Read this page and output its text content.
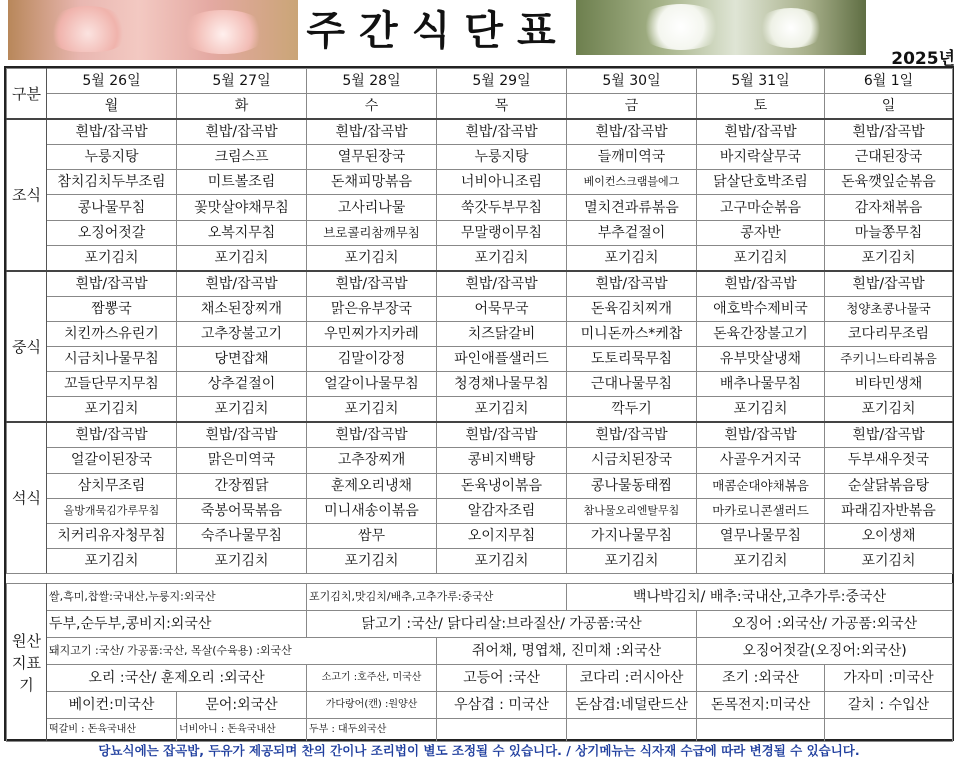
주간식단표
2025년
구분	5월 26일	5월 27일	5월 28일	5월 29일	5월 30일	5월 31일	6월 1일
	월	화	수	목	금	토	일
조식	흰밥/잡곡밥	흰밥/잡곡밥	흰밥/잡곡밥	흰밥/잡곡밥	흰밥/잡곡밥	흰밥/잡곡밥	흰밥/잡곡밥
	누룽지탕	크림스프	열무된장국	누룽지탕	들깨미역국	바지락살무국	근대된장국
	참치김치두부조림	미트볼조림	돈채피망볶음	너비아니조림	베이컨스크램블에그	닭살단호박조림	돈육깻잎순볶음
	콩나물무침	꽃맛살야채무침	고사리나물	쑥갓두부무침	멸치견과류볶음	고구마순볶음	감자채볶음
	오징어젓갈	오복지무침	브로콜리참깨무침	무말랭이무침	부추겉절이	콩자반	마늘쫑무침
	포기김치	포기김치	포기김치	포기김치	포기김치	포기김치	포기김치
중식	흰밥/잡곡밥	흰밥/잡곡밥	흰밥/잡곡밥	흰밥/잡곡밥	흰밥/잡곡밥	흰밥/잡곡밥	흰밥/잡곡밥
	짬뽕국	채소된장찌개	맑은유부장국	어묵무국	돈육김치찌개	애호박수제비국	청양초콩나물국
	치킨까스유린기	고추장불고기	우민찌가지카레	치즈닭갈비	미니돈까스*케찹	돈육간장불고기	코다리무조림
	시금치나물무침	당면잡채	김말이강정	파인애플샐러드	도토리묵무침	유부맛살냉채	주키니느타리볶음
	꼬들단무지무침	상추겉절이	얼갈이나물무침	청경채나물무침	근대나물무침	배추나물무침	비타민생채
	포기김치	포기김치	포기김치	포기김치	깍두기	포기김치	포기김치
석식	흰밥/잡곡밥	흰밥/잡곡밥	흰밥/잡곡밥	흰밥/잡곡밥	흰밥/잡곡밥	흰밥/잡곡밥	흰밥/잡곡밥
	얼갈이된장국	맑은미역국	고추장찌개	콩비지백탕	시금치된장국	사골우거지국	두부새우젓국
	삼치무조림	간장찜닭	훈제오리냉채	돈육냉이볶음	콩나물동태찜	매콤순대야채볶음	순살닭볶음탕
	올방개묵김가루무침	죽봉어묵볶음	미니새송이볶음	알감자조림	참나물오리엔탈무침	마카로니콘샐러드	파래김자반볶음
	치커리유자청무침	숙주나물무침	쌈무	오이지무침	가지나물무침	열무나물무침	오이생채
	포기김치	포기김치	포기김치	포기김치	포기김치	포기김치	포기김치
원산지표기	쌀,흑미,찹쌀:국내산,누룽지:외국산		포기김치,맛김치/배추,고추가루:중국산		백나박김치/ 배추:국내산,고추가루:중국산		
	두부,순두부,콩비지:외국산		닭고기 :국산/ 닭다리살:브라질산/ 가공품:국산			오징어 :외국산/ 가공품:외국산	
	돼지고기 :국산/ 가공품:국산, 목살(수육용) :외국산			쥐어채, 명엽채, 진미채 :외국산		오징어젓갈(오징어:외국산)	
	오리 :국산/ 훈제오리 :외국산		소고기 :호주산, 미국산	고등어 :국산	코다리 :러시아산	조기 :외국산	가자미 :미국산
	베이컨:미국산	문어:외국산	가다랑어(캔) :원양산	우삼겹 : 미국산	돈삼겹:네덜란드산	돈목전지:미국산	갈치 : 수입산
	떡갈비 : 돈육국내산	너비아니 : 돈육국내산	두부 : 대두외국산				
당뇨식에는 잡곡밥, 두유가 제공되며 찬의 간이나 조리법이 별도 조정될 수 있습니다. / 상기메뉴는 식자재 수급에 따라 변경될 수 있습니다.
